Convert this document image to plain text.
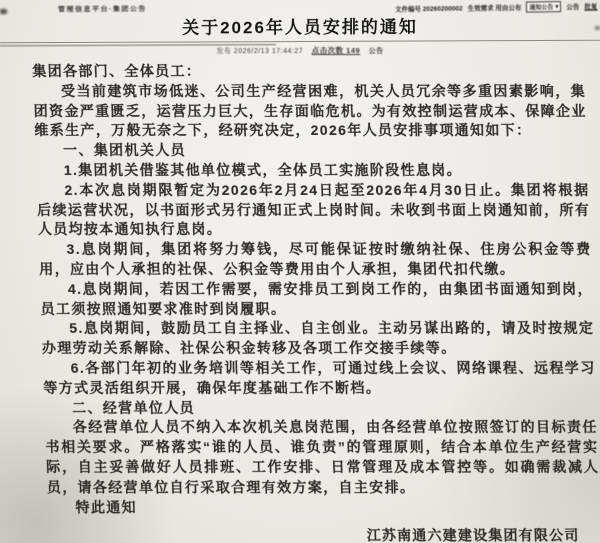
管理信息平台·集团公告	文件编号 20260200002 生效需求 用由公布 通知公告 ▾ 公告 批复
关于2026年人员安排的通知
发布 2026/2/13 17:44:27 点击次数 149 公告

集团各部门、全体员工：

受当前建筑市场低迷、公司生产经营困难，机关人员冗余等多重因素影响，集团资金严重匮乏，运营压力巨大，生存面临危机。为有效控制运营成本、保障企业维系生产，万般无奈之下，经研究决定，2026年人员安排事项通知如下：

一、集团机关人员

1.集团机关借鉴其他单位模式，全体员工实施阶段性息岗。

2.本次息岗期限暂定为2026年2月24日起至2026年4月30日止。集团将根据后续运营状况，以书面形式另行通知正式上岗时间。未收到书面上岗通知前，所有人员均按本通知执行息岗。

3.息岗期间，集团将努力筹钱，尽可能保证按时缴纳社保、住房公积金等费用，应由个人承担的社保、公积金等费用由个人承担，集团代扣代缴。

4.息岗期间，若因工作需要，需安排员工到岗工作的，由集团书面通知到岗，员工须按照通知要求准时到岗履职。

5.息岗期间，鼓励员工自主择业、自主创业。主动另谋出路的，请及时按规定办理劳动关系解除、社保公积金转移及各项工作交接手续等。

6.各部门年初的业务培训等相关工作，可通过线上会议、网络课程、远程学习等方式灵活组织开展，确保年度基础工作不断档。

二、经营单位人员

各经营单位人员不纳入本次机关息岗范围，由各经营单位按照签订的目标责任书相关要求。严格落实“谁的人员、谁负责”的管理原则，结合本单位生产经营实际，自主妥善做好人员排班、工作安排、日常管理及成本管控等。如确需裁减人员，请各经营单位自行采取合理有效方案，自主安排。

特此通知

江苏南通六建建设集团有限公司
